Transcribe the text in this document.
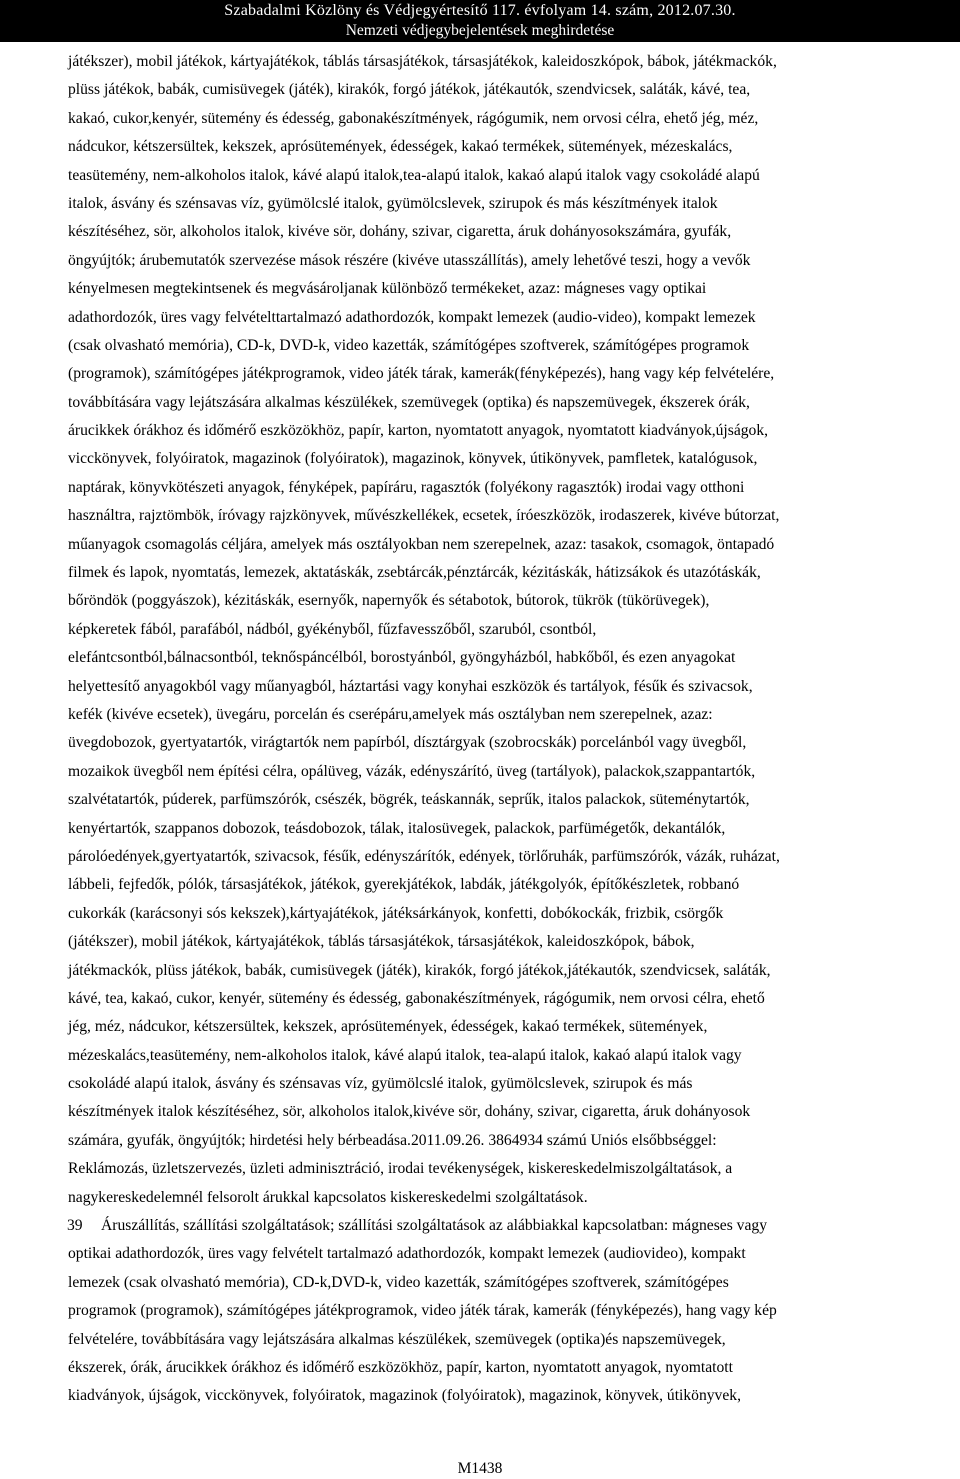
Szabadalmi Közlöny és Védjegyértesítő 117. évfolyam 14. szám, 2012.07.30.
Nemzeti védjegybejelentések meghirdetése
játékszer), mobil játékok, kártyajátékok, táblás társasjátékok, társasjátékok, kaleidoszkópok, bábok, játékmackók,
plüss játékok, babák, cumisüvegek (játék), kirakók, forgó játékok, játékautók, szendvicsek, saláták, kávé, tea,
kakaó, cukor,kenyér, sütemény és édesség, gabonakészítmények, rágógumik, nem orvosi célra, ehető jég, méz,
nádcukor, kétszersültek, kekszek, aprósütemények, édességek, kakaó termékek, sütemények, mézeskalács,
teasütemény, nem-alkoholos italok, kávé alapú italok,tea-alapú italok, kakaó alapú italok vagy csokoládé alapú
italok, ásvány és szénsavas víz, gyümölcslé italok, gyümölcslevek, szirupok és más készítmények italok
készítéséhez, sör, alkoholos italok, kivéve sör, dohány, szivar, cigaretta, áruk dohányosokszámára, gyufák,
öngyújtók; árubemutatók szervezése mások részére (kivéve utasszállítás), amely lehetővé teszi, hogy a vevők
kényelmesen megtekintsenek és megvásároljanak különböző termékeket, azaz: mágneses vagy optikai
adathordozók, üres vagy felvételttartalmazó adathordozók, kompakt lemezek (audio-video), kompakt lemezek
(csak olvasható memória), CD-k, DVD-k, video kazetták, számítógépes szoftverek, számítógépes programok
(programok), számítógépes játékprogramok, video játék tárak, kamerák(fényképezés), hang vagy kép felvételére,
továbbítására vagy lejátszására alkalmas készülékek, szemüvegek (optika) és napszemüvegek, ékszerek órák,
árucikkek órákhoz és időmérő eszközökhöz, papír, karton, nyomtatott anyagok, nyomtatott kiadványok,újságok,
vicckönyvek, folyóiratok, magazinok (folyóiratok), magazinok, könyvek, útikönyvek, pamfletek, katalógusok,
naptárak, könyvkötészeti anyagok, fényképek, papíráru, ragasztók (folyékony ragasztók) irodai vagy otthoni
használtra, rajztömbök, íróvagy rajzkönyvek, művészkellékek, ecsetek, íróeszközök, irodaszerek, kivéve bútorzat,
műanyagok csomagolás céljára, amelyek más osztályokban nem szerepelnek, azaz: tasakok, csomagok, öntapadó
filmek és lapok, nyomtatás, lemezek, aktatáskák, zsebtárcák,pénztárcák, kézitáskák, hátizsákok és utazótáskák,
bőröndök (poggyászok), kézitáskák, esernyők, napernyők és sétabotok, bútorok, tükrök (tükörüvegek),
képkeretek fából, parafából, nádból, gyékényből, fűzfavesszőből, szaruból, csontból,
elefántcsontból,bálnacsontból, teknőspáncélból, borostyánból, gyöngyházból, habkőből, és ezen anyagokat
helyettesítő anyagokból vagy műanyagból, háztartási vagy konyhai eszközök és tartályok, fésűk és szivacsok,
kefék (kivéve ecsetek), üvegáru, porcelán és cserépáru,amelyek más osztályban nem szerepelnek, azaz:
üvegdobozok, gyertyatartók, virágtartók nem papírból, dísztárgyak (szobrocskák) porcelánból vagy üvegből,
mozaikok üvegből nem építési célra, opálüveg, vázák, edényszárító, üveg (tartályok), palackok,szappantartók,
szalvétatartók, púderek, parfümszórók, csészék, bögrék, teáskannák, seprűk, italos palackok, süteménytartók,
kenyértartók, szappanos dobozok, teásdobozok, tálak, italosüvegek, palackok, parfümégetők, dekantálók,
párolóedények,gyertyatartók, szivacsok, fésűk, edényszárítók, edények, törlőruhák, parfümszórók, vázák, ruházat,
lábbeli, fejfedők, pólók, társasjátékok, játékok, gyerekjátékok, labdák, játékgolyók, építőkészletek, robbanó
cukorkák (karácsonyi sós kekszek),kártyajátékok, játéksárkányok, konfetti, dobókockák, frizbik, csörgők
(játékszer), mobil játékok, kártyajátékok, táblás társasjátékok, társasjátékok, kaleidoszkópok, bábok,
játékmackók, plüss játékok, babák, cumisüvegek (játék), kirakók, forgó játékok,játékautók, szendvicsek, saláták,
kávé, tea, kakaó, cukor, kenyér, sütemény és édesség, gabonakészítmények, rágógumik, nem orvosi célra, ehető
jég, méz, nádcukor, kétszersültek, kekszek, aprósütemények, édességek, kakaó termékek, sütemények,
mézeskalács,teasütemény, nem-alkoholos italok, kávé alapú italok, tea-alapú italok, kakaó alapú italok vagy
csokoládé alapú italok, ásvány és szénsavas víz, gyümölcslé italok, gyümölcslevek, szirupok és más
készítmények italok készítéséhez, sör, alkoholos italok,kivéve sör, dohány, szivar, cigaretta, áruk dohányosok
számára, gyufák, öngyújtók; hirdetési hely bérbeadása.2011.09.26. 3864934 számú Uniós elsőbbséggel:
Reklámozás, üzletszervezés, üzleti adminisztráció, irodai tevékenységek, kiskereskedelmiszolgáltatások, a
nagykereskedelemnél felsorolt árukkal kapcsolatos kiskereskedelmi szolgáltatások.
39 Áruszállítás, szállítási szolgáltatások; szállítási szolgáltatások az alábbiakkal kapcsolatban: mágneses vagy
optikai adathordozók, üres vagy felvételt tartalmazó adathordozók, kompakt lemezek (audiovideo), kompakt
lemezek (csak olvasható memória), CD-k,DVD-k, video kazetták, számítógépes szoftverek, számítógépes
programok (programok), számítógépes játékprogramok, video játék tárak, kamerák (fényképezés), hang vagy kép
felvételére, továbbítására vagy lejátszására alkalmas készülékek, szemüvegek (optika)és napszemüvegek,
ékszerek, órák, árucikkek órákhoz és időmérő eszközökhöz, papír, karton, nyomtatott anyagok, nyomtatott
kiadványok, újságok, vicckönyvek, folyóiratok, magazinok (folyóiratok), magazinok, könyvek, útikönyvek,
M1438
